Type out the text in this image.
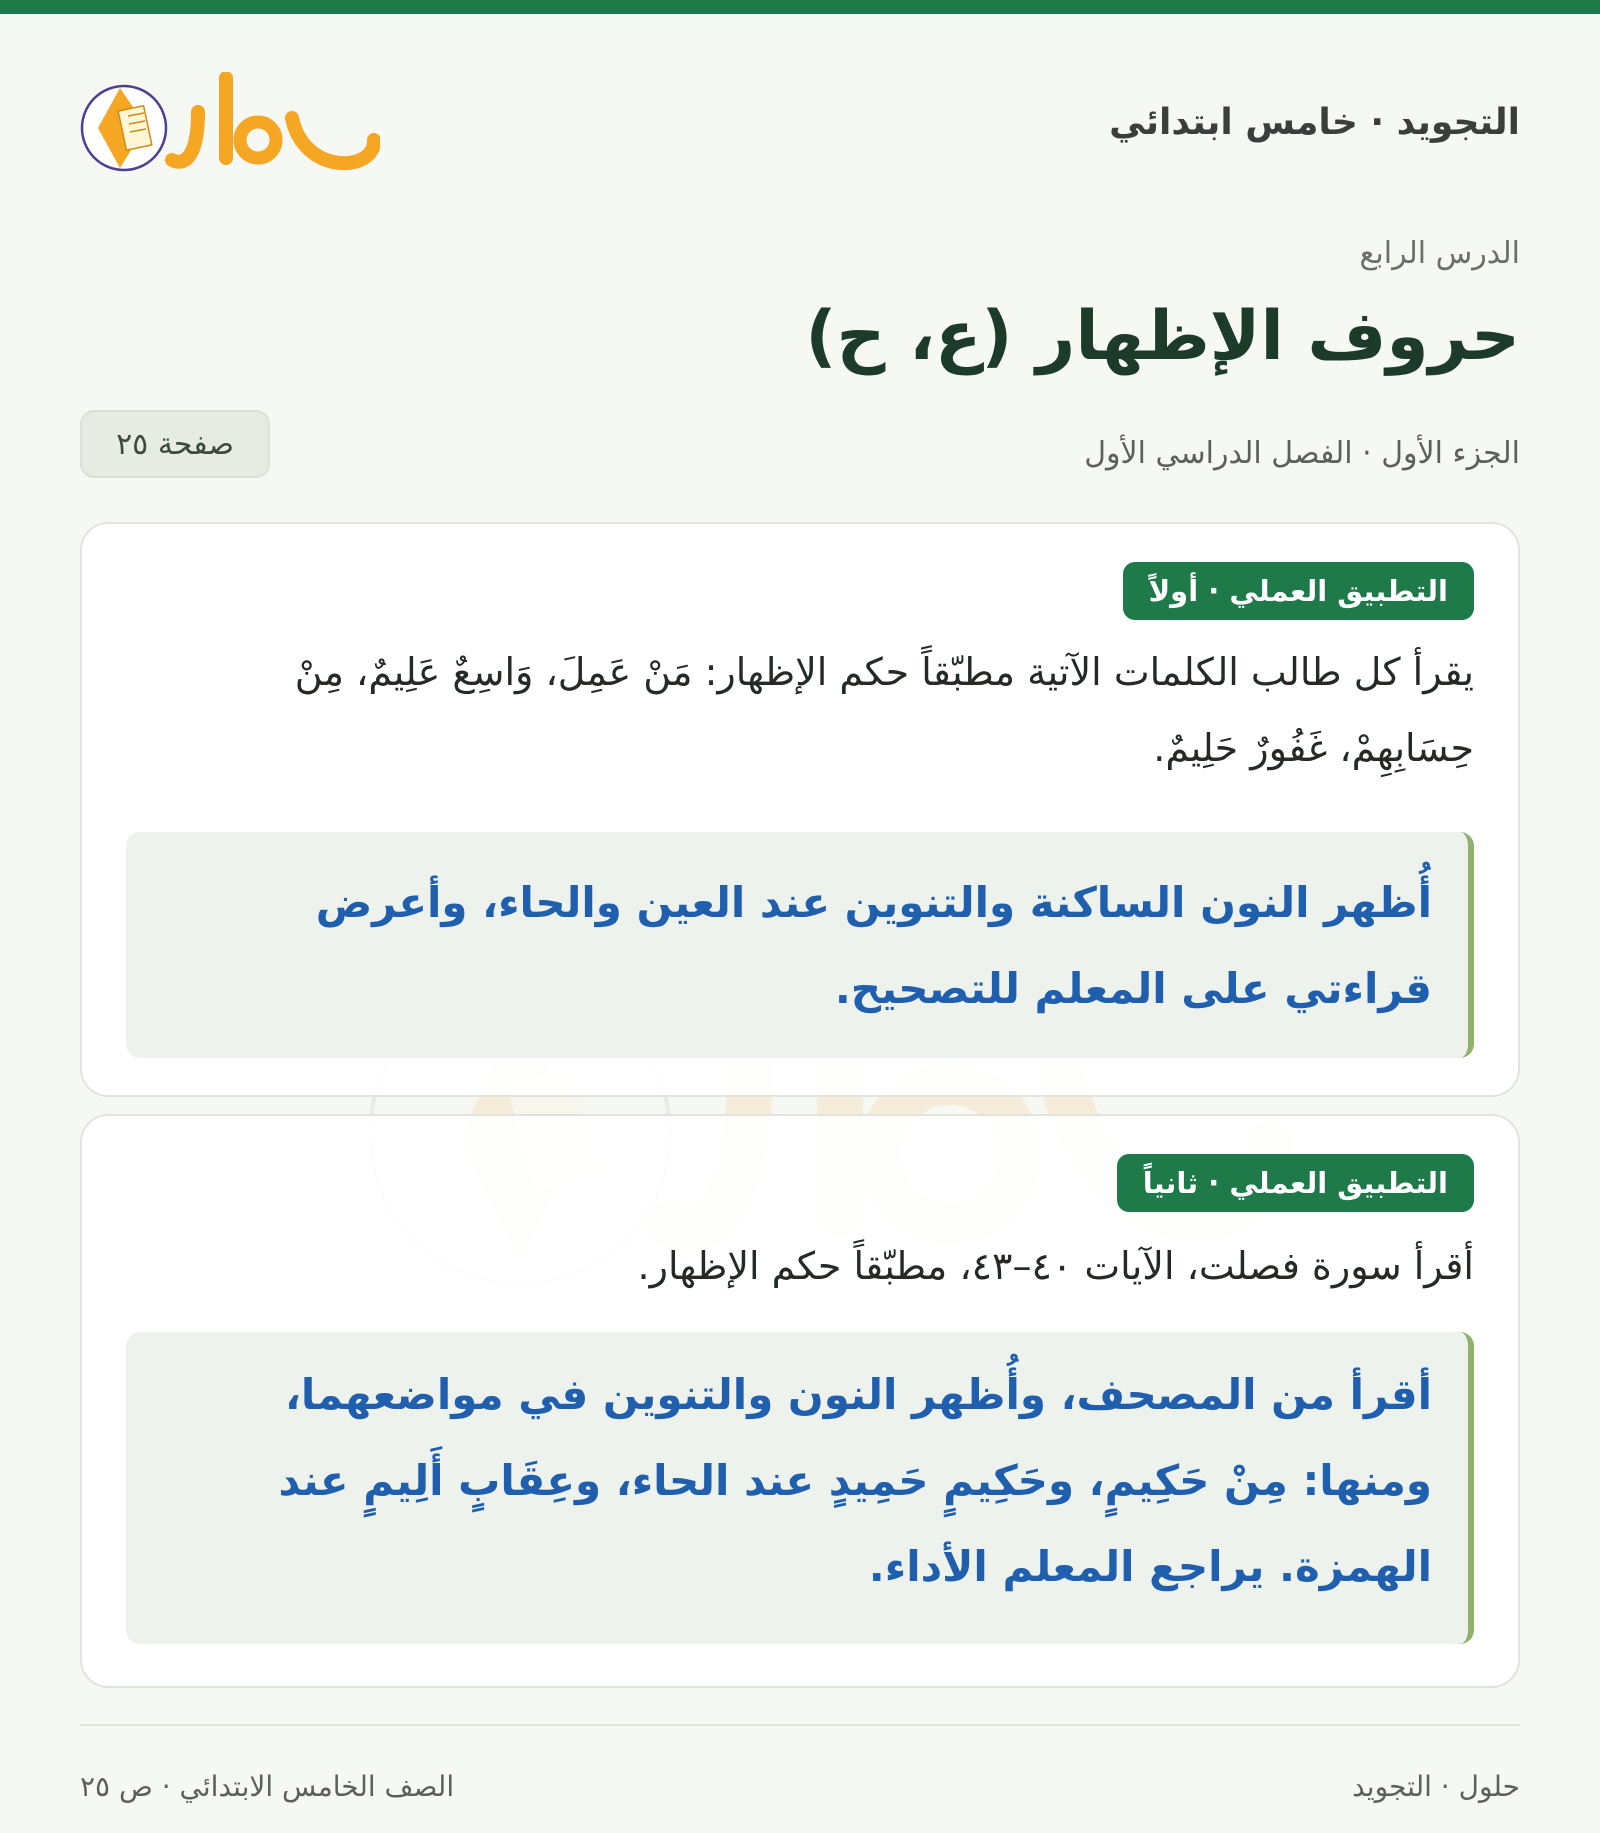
التجويد · خامس ابتدائي
الدرس الرابع
حروف الإظهار (ع، ح)
الجزء الأول · الفصل الدراسي الأول
صفحة ٢٥
التطبيق العملي · أولاً

يقرأ كل طالب الكلمات الآتية مطبّقاً حكم الإظهار: مَنْ عَمِلَ، وَاسِعٌ عَلِيمٌ، مِنْ حِسَابِهِمْ، غَفُورٌ حَلِيمٌ.

أُظهر النون الساكنة والتنوين عند العين والحاء، وأعرض قراءتي على المعلم للتصحيح.

التطبيق العملي · ثانياً

أقرأ سورة فصلت، الآيات ٤٠–٤٣، مطبّقاً حكم الإظهار.

أقرأ من المصحف، وأُظهر النون والتنوين في مواضعهما، ومنها: مِنْ حَكِيمٍ، وحَكِيمٍ حَمِيدٍ عند الحاء، وعِقَابٍ أَلِيمٍ عند الهمزة. يراجع المعلم الأداء.

حلول · التجويد
الصف الخامس الابتدائي · ص ٢٥
